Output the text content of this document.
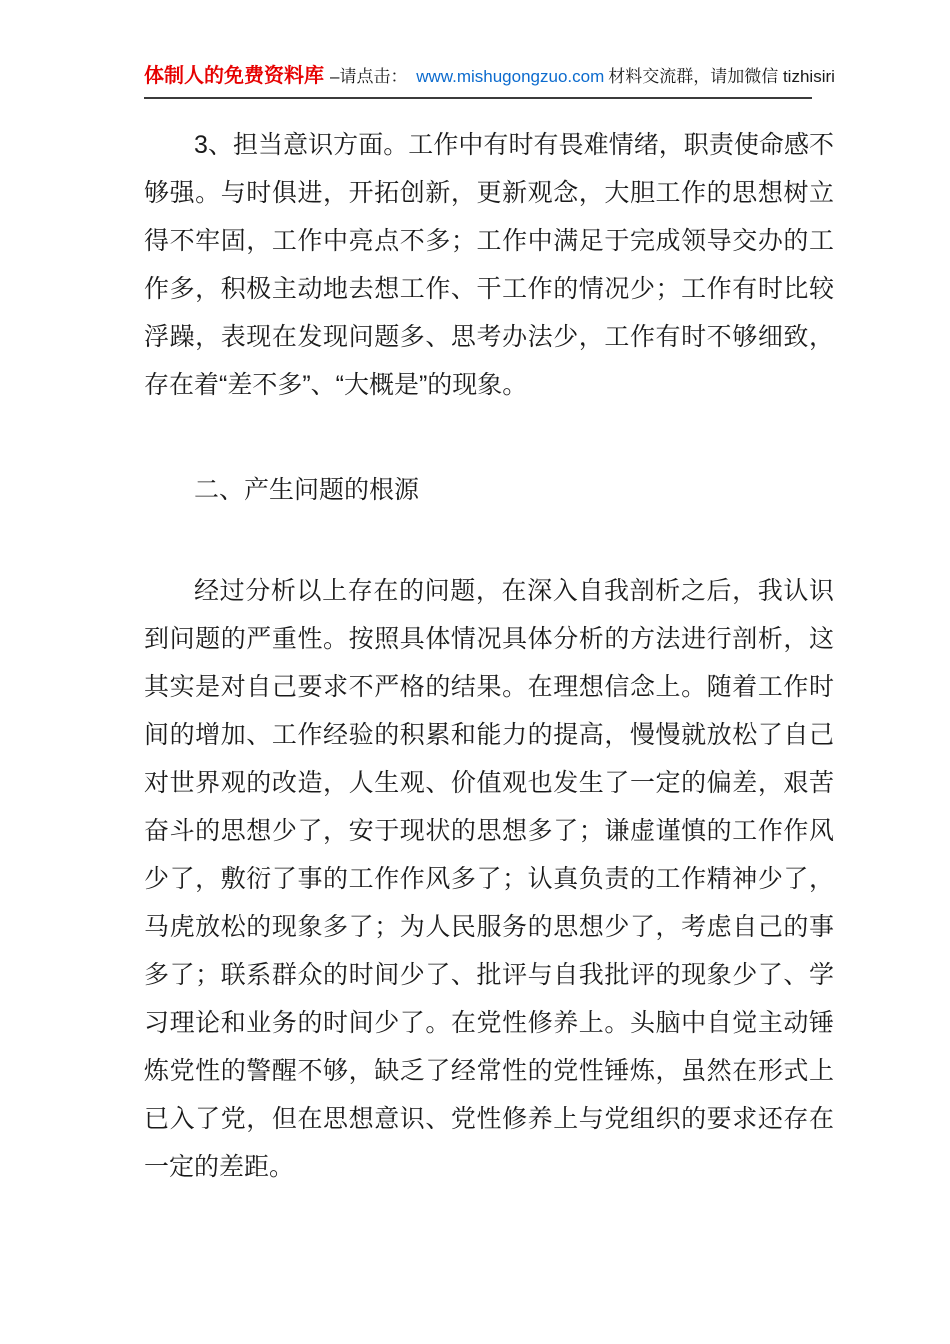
体制人的免费资料库 –请点击： www.mishugongzuo.com 材料交流群，请加微信 tizhisiri

3、担当意识方面。工作中有时有畏难情绪，职责使命感不够强。与时俱进，开拓创新，更新观念，大胆工作的思想树立得不牢固，工作中亮点不多；工作中满足于完成领导交办的工作多，积极主动地去想工作、干工作的情况少；工作有时比较浮躁，表现在发现问题多、思考办法少，工作有时不够细致，存在着“差不多”、“大概是”的现象。

二、产生问题的根源

经过分析以上存在的问题，在深入自我剖析之后，我认识到问题的严重性。按照具体情况具体分析的方法进行剖析，这其实是对自己要求不严格的结果。在理想信念上。随着工作时间的增加、工作经验的积累和能力的提高，慢慢就放松了自己对世界观的改造，人生观、价值观也发生了一定的偏差，艰苦奋斗的思想少了，安于现状的思想多了；谦虚谨慎的工作作风少了，敷衍了事的工作作风多了；认真负责的工作精神少了，马虎放松的现象多了；为人民服务的思想少了，考虑自己的事多了；联系群众的时间少了、批评与自我批评的现象少了、学习理论和业务的时间少了。在党性修养上。头脑中自觉主动锤炼党性的警醒不够，缺乏了经常性的党性锤炼，虽然在形式上已入了党，但在思想意识、党性修养上与党组织的要求还存在一定的差距。
